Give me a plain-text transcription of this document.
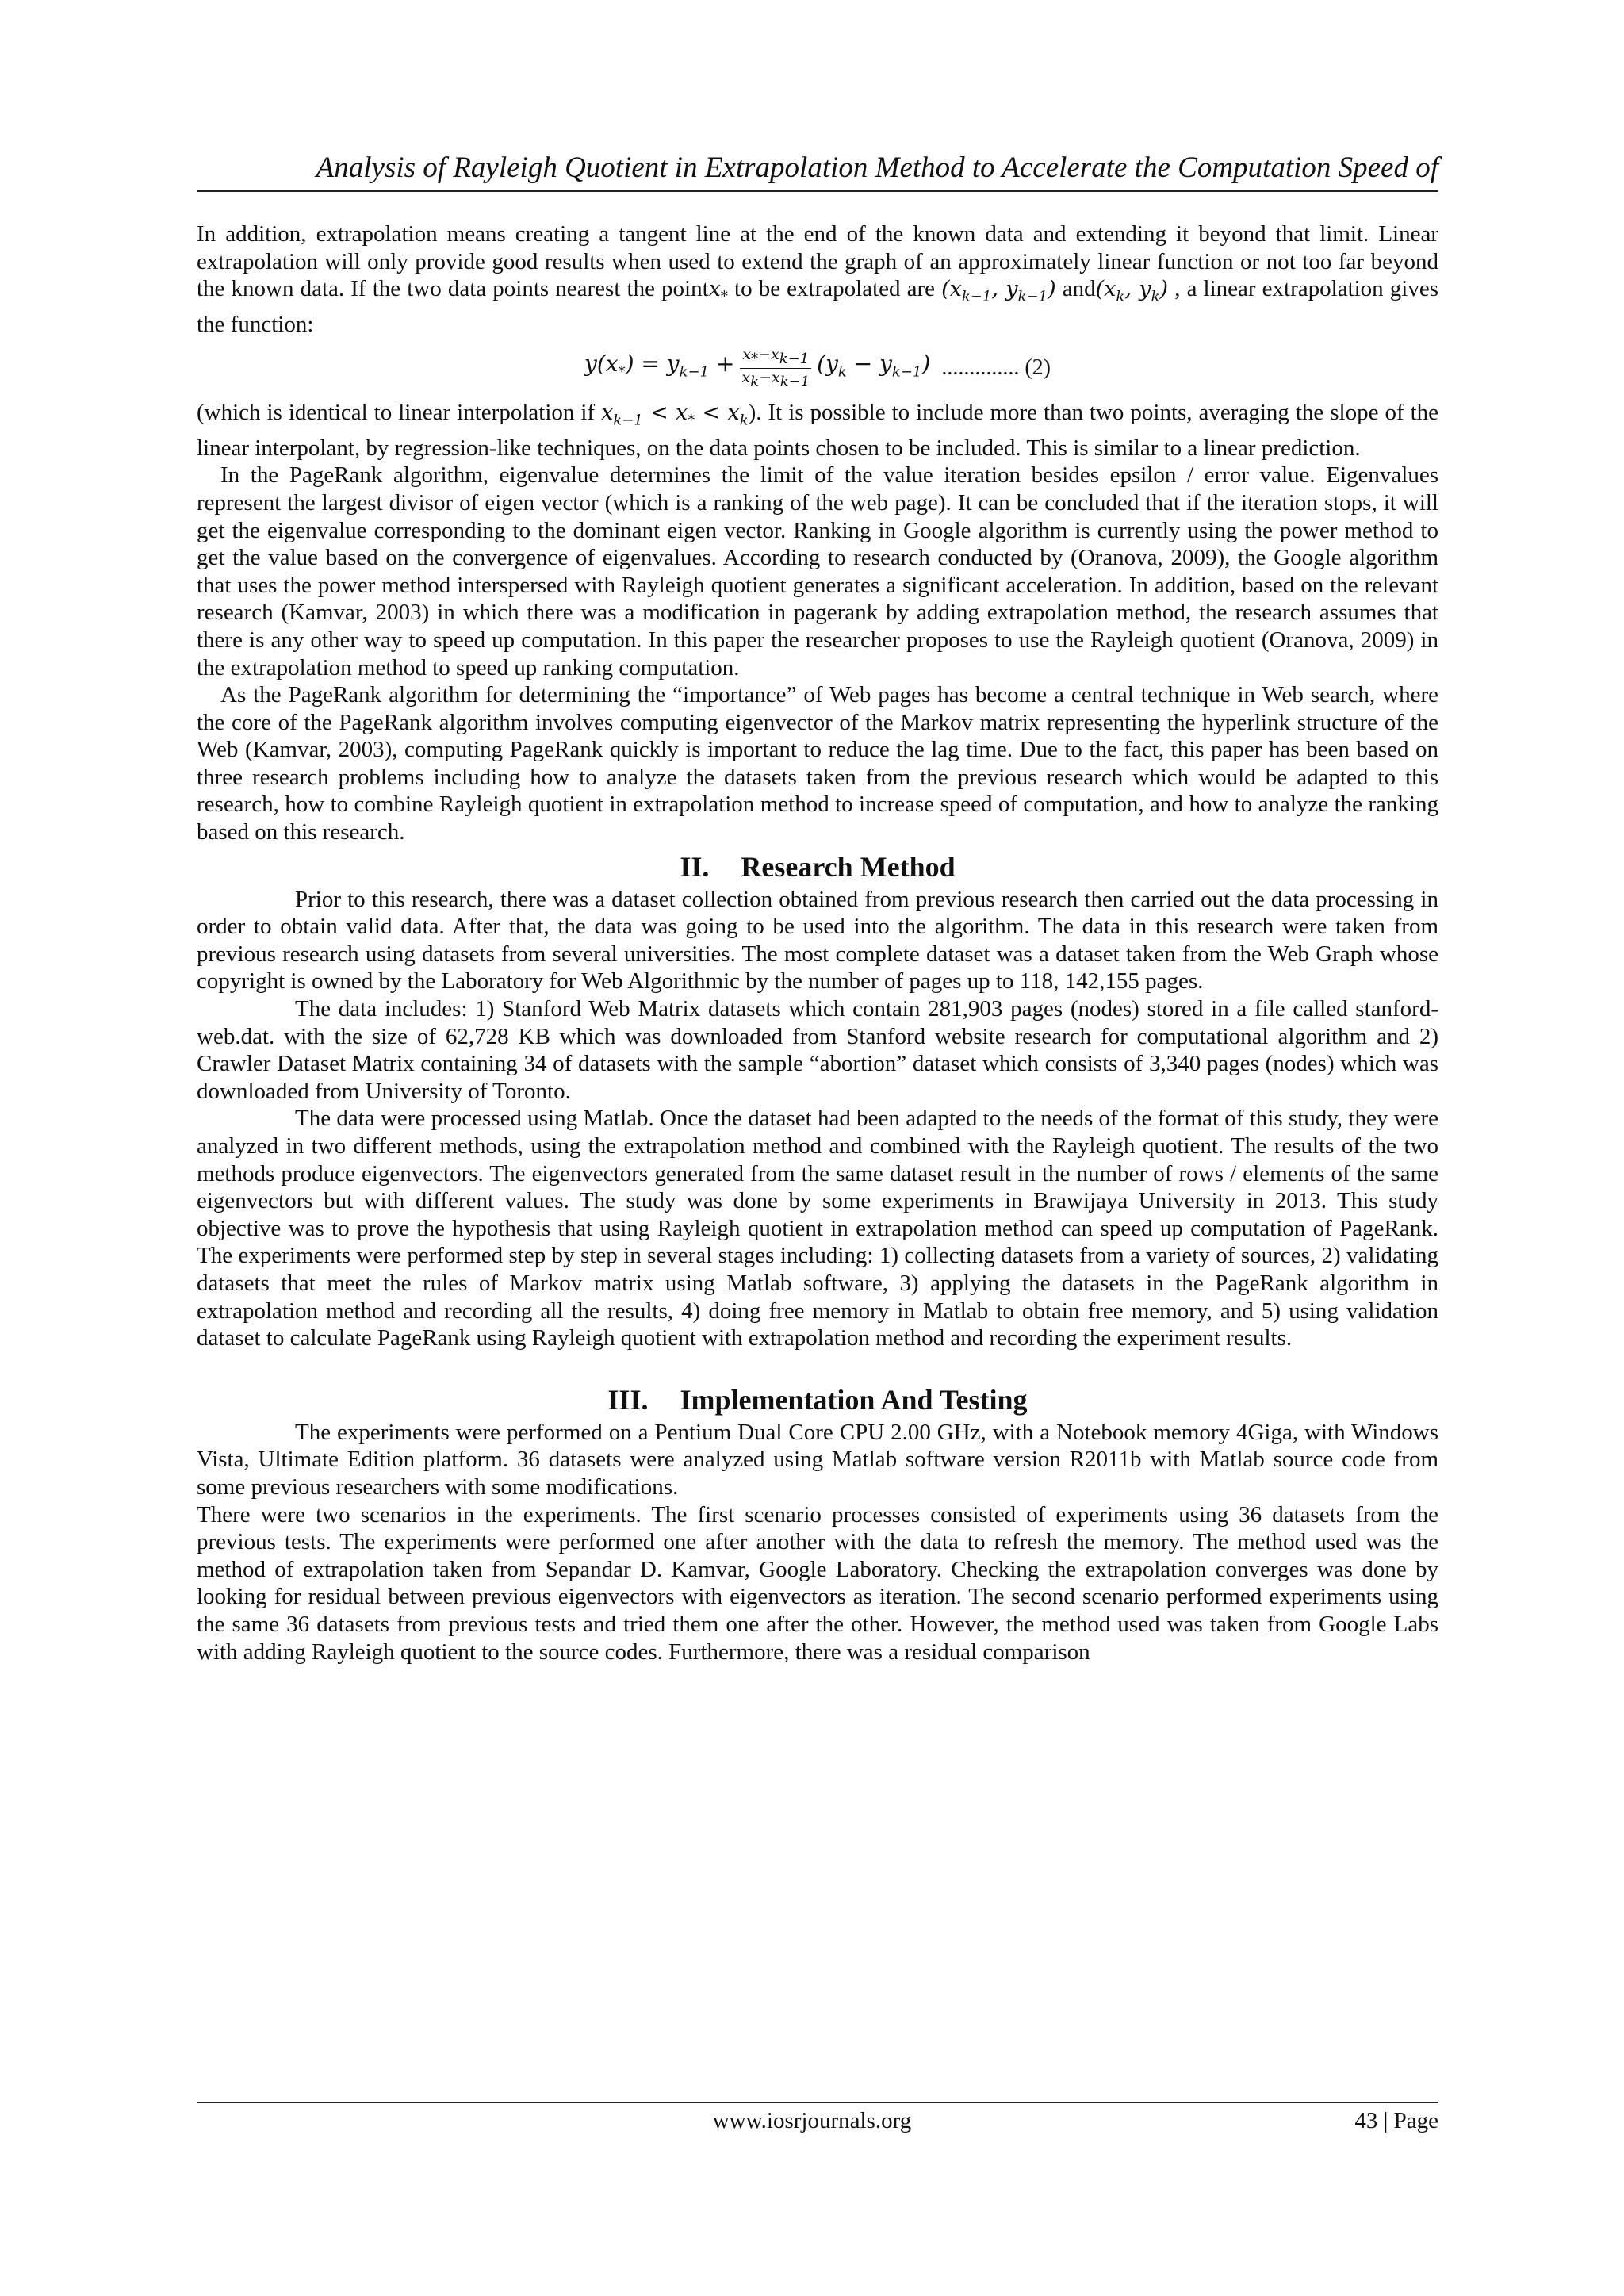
Analysis of Rayleigh Quotient in Extrapolation Method to Accelerate the Computation Speed of

In addition, extrapolation means creating a tangent line at the end of the known data and extending it beyond that limit. Linear extrapolation will only provide good results when used to extend the graph of an approximately linear function or not too far beyond the known data. If the two data points nearest the pointx$_*$ to be extrapolated are ($x_{k-1}$, $y_{k-1}$) $and(x_k$, $y_k$) , a linear extrapolation gives the function:

$y(x_*) = y_{k-1} + \frac{x_*-x_{k-1}}{x_k-x_{k-1}} (y_k - y_{k-1})$ .............. (2)

(which is identical to linear interpolation if $x_{k-1} < x_* < x_k$). It is possible to include more than two points, averaging the slope of the linear interpolant, by regression-like techniques, on the data points chosen to be included. This is similar to a linear prediction.

In the PageRank algorithm, eigenvalue determines the limit of the value iteration besides epsilon / error value. Eigenvalues represent the largest divisor of eigen vector (which is a ranking of the web page). It can be concluded that if the iteration stops, it will get the eigenvalue corresponding to the dominant eigen vector. Ranking in Google algorithm is currently using the power method to get the value based on the convergence of eigenvalues. According to research conducted by (Oranova, 2009), the Google algorithm that uses the power method interspersed with Rayleigh quotient generates a significant acceleration. In addition, based on the relevant research (Kamvar, 2003) in which there was a modification in pagerank by adding extrapolation method, the research assumes that there is any other way to speed up computation. In this paper the researcher proposes to use the Rayleigh quotient (Oranova, 2009) in the extrapolation method to speed up ranking computation.

As the PageRank algorithm for determining the “importance” of Web pages has become a central technique in Web search, where the core of the PageRank algorithm involves computing eigenvector of the Markov matrix representing the hyperlink structure of the Web (Kamvar, 2003), computing PageRank quickly is important to reduce the lag time. Due to the fact, this paper has been based on three research problems including how to analyze the datasets taken from the previous research which would be adapted to this research, how to combine Rayleigh quotient in extrapolation method to increase speed of computation, and how to analyze the ranking based on this research.

II. Research Method

Prior to this research, there was a dataset collection obtained from previous research then carried out the data processing in order to obtain valid data. After that, the data was going to be used into the algorithm. The data in this research were taken from previous research using datasets from several universities. The most complete dataset was a dataset taken from the Web Graph whose copyright is owned by the Laboratory for Web Algorithmic by the number of pages up to 118, 142,155 pages.

The data includes: 1) Stanford Web Matrix datasets which contain 281,903 pages (nodes) stored in a file called stanford-web.dat. with the size of 62,728 KB which was downloaded from Stanford website research for computational algorithm and 2) Crawler Dataset Matrix containing 34 of datasets with the sample “abortion” dataset which consists of 3,340 pages (nodes) which was downloaded from University of Toronto.

The data were processed using Matlab. Once the dataset had been adapted to the needs of the format of this study, they were analyzed in two different methods, using the extrapolation method and combined with the Rayleigh quotient. The results of the two methods produce eigenvectors. The eigenvectors generated from the same dataset result in the number of rows / elements of the same eigenvectors but with different values. The study was done by some experiments in Brawijaya University in 2013. This study objective was to prove the hypothesis that using Rayleigh quotient in extrapolation method can speed up computation of PageRank. The experiments were performed step by step in several stages including: 1) collecting datasets from a variety of sources, 2) validating datasets that meet the rules of Markov matrix using Matlab software, 3) applying the datasets in the PageRank algorithm in extrapolation method and recording all the results, 4) doing free memory in Matlab to obtain free memory, and 5) using validation dataset to calculate PageRank using Rayleigh quotient with extrapolation method and recording the experiment results.

III. Implementation And Testing

The experiments were performed on a Pentium Dual Core CPU 2.00 GHz, with a Notebook memory 4Giga, with Windows Vista, Ultimate Edition platform. 36 datasets were analyzed using Matlab software version R2011b with Matlab source code from some previous researchers with some modifications.

There were two scenarios in the experiments. The first scenario processes consisted of experiments using 36 datasets from the previous tests. The experiments were performed one after another with the data to refresh the memory. The method used was the method of extrapolation taken from Sepandar D. Kamvar, Google Laboratory. Checking the extrapolation converges was done by looking for residual between previous eigenvectors with eigenvectors as iteration. The second scenario performed experiments using the same 36 datasets from previous tests and tried them one after the other. However, the method used was taken from Google Labs with adding Rayleigh quotient to the source codes. Furthermore, there was a residual comparison

www.iosrjournals.org	43 | Page
